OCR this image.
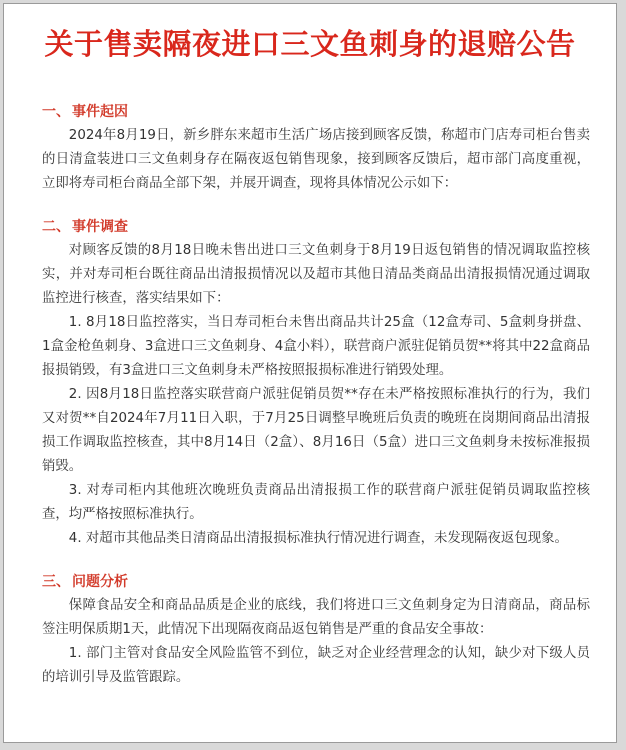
关于售卖隔夜进口三文鱼刺身的退赔公告
一、 事件起因

2024年8月19日，新乡胖东来超市生活广场店接到顾客反馈，称超市门店寿司柜台售卖的日清盒装进口三文鱼刺身存在隔夜返包销售现象，接到顾客反馈后，超市部门高度重视，立即将寿司柜台商品全部下架，并展开调查，现将具体情况公示如下：

二、 事件调查

对顾客反馈的8月18日晚未售出进口三文鱼刺身于8月19日返包销售的情况调取监控核实，并对寿司柜台既往商品出清报损情况以及超市其他日清品类商品出清报损情况通过调取监控进行核查，落实结果如下：

1. 8月18日监控落实，当日寿司柜台未售出商品共计25盒（12盒寿司、5盒刺身拼盘、1盒金枪鱼刺身、3盒进口三文鱼刺身、4盒小料），联营商户派驻促销员贺**将其中22盒商品报损销毁，有3盒进口三文鱼刺身未严格按照报损标准进行销毁处理。

2. 因8月18日监控落实联营商户派驻促销员贺**存在未严格按照标准执行的行为，我们又对贺**自2024年7月11日入职，于7月25日调整早晚班后负责的晚班在岗期间商品出清报损工作调取监控核查，其中8月14日（2盒）、8月16日（5盒）进口三文鱼刺身未按标准报损销毁。

3. 对寿司柜内其他班次晚班负责商品出清报损工作的联营商户派驻促销员调取监控核查，均严格按照标准执行。

4. 对超市其他品类日清商品出清报损标准执行情况进行调查，未发现隔夜返包现象。

三、 问题分析

保障食品安全和商品品质是企业的底线，我们将进口三文鱼刺身定为日清商品，商品标签注明保质期1天，此情况下出现隔夜商品返包销售是严重的食品安全事故：

1. 部门主管对食品安全风险监管不到位，缺乏对企业经营理念的认知，缺少对下级人员的培训引导及监管跟踪。
